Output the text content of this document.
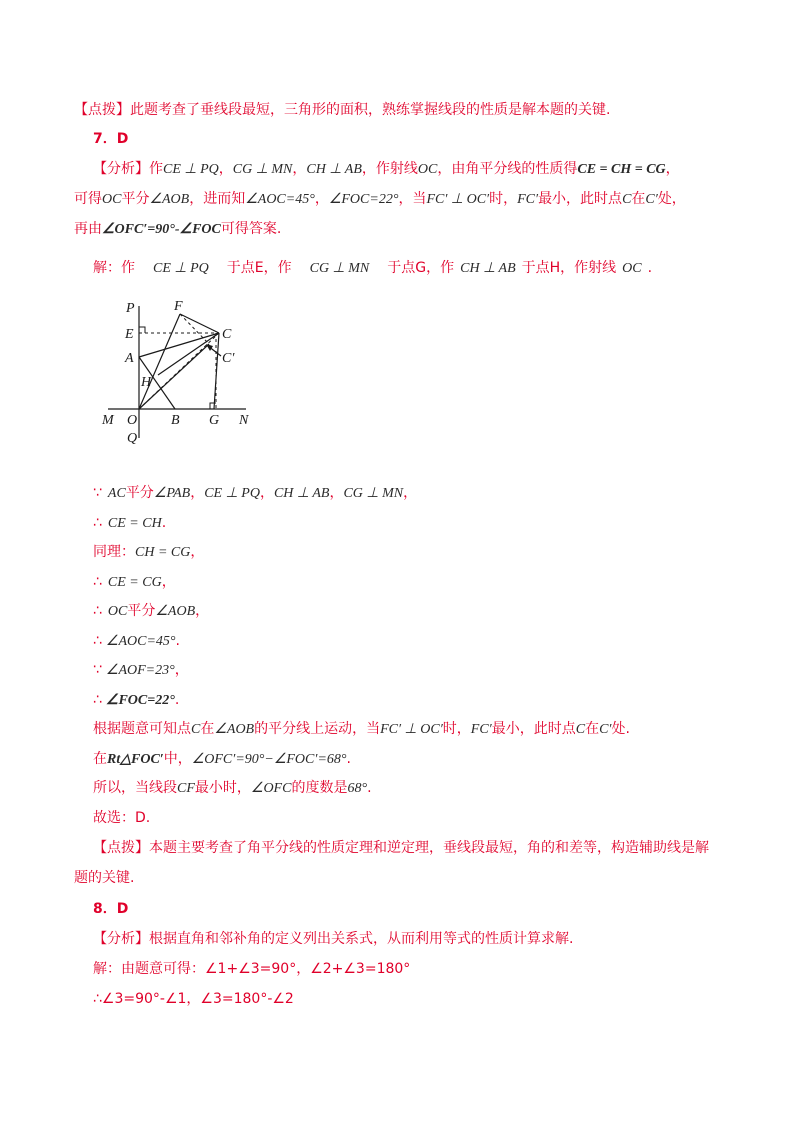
【点拨】此题考查了垂线段最短，三角形的面积，熟练掌握线段的性质是解本题的关键.
7．D
【分析】作CE ⊥ PQ，CG ⊥ MN，CH ⊥ AB，作射线OC，由角平分线的性质得CE = CH = CG，
可得OC平分∠AOB，进而知∠AOC=45°，∠FOC=22°，当FC′ ⊥ OC′时，FC′最小，此时点C在C′处，
再由∠OFC′=90°-∠FOC可得答案.
解：作 CE ⊥ PQ 于点E，作 CG ⊥ MN 于点G，作 CH ⊥ AB 于点H，作射线 OC .
P	F
E	C
A	C′
H
M O B G N
Q
∵ AC平分∠PAB，CE ⊥ PQ，CH ⊥ AB，CG ⊥ MN，
∴ CE = CH.
同理：CH = CG，
∴ CE = CG，
∴ OC平分∠AOB，
∴ ∠AOC=45°.
∵ ∠AOF=23°，
∴ ∠FOC=22°.
根据题意可知点C在∠AOB的平分线上运动，当FC′ ⊥ OC′时，FC′最小，此时点C在C′处.
在Rt△FOC′中，∠OFC′=90°−∠FOC′=68°.
所以，当线段CF最小时，∠OFC的度数是68°.
故选：D.
【点拨】本题主要考查了角平分线的性质定理和逆定理，垂线段最短，角的和差等，构造辅助线是解
题的关键.
8．D
【分析】根据直角和邻补角的定义列出关系式，从而利用等式的性质计算求解.
解：由题意可得：∠1+∠3=90°，∠2+∠3=180°
∴∠3=90°-∠1，∠3=180°-∠2
